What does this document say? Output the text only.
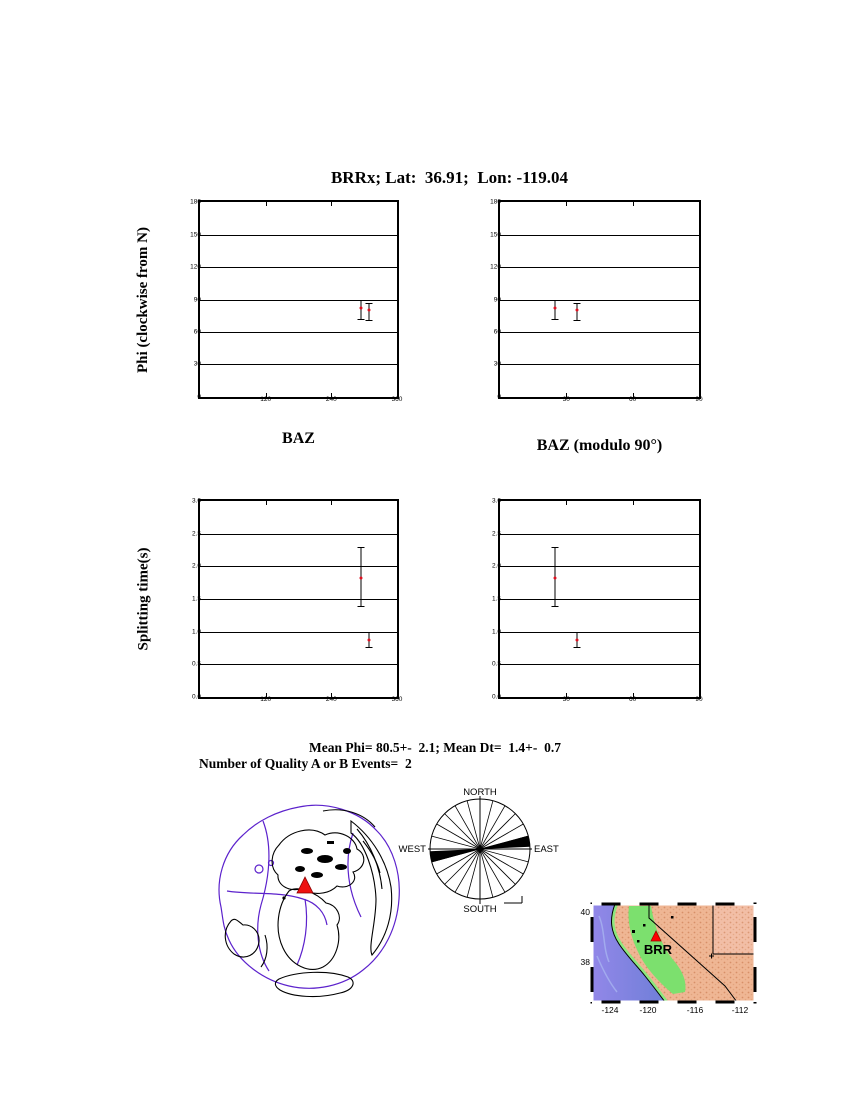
BRRx; Lat:  36.91;  Lon: -119.04
Phi (clockwise from N)
Splitting time(s)
0
30
60
90
120
150
180
120	240	360	0
30
60
90
120
150
180
30	60	90
0.0
0.5
1.0
1.5
2.0
2.5
3.0
120	240	360	0.0
0.5
1.0
1.5
2.0
2.5
3.0
30	60	90
BAZ	BAZ (modulo 90°)
Mean Phi= 80.5+-  2.1; Mean Dt=  1.4+-  0.7
Number of Quality A or B Events=  2
NORTH
EAST
SOUTH
WEST
BRR
-124 -120	-116	-112
40
38
